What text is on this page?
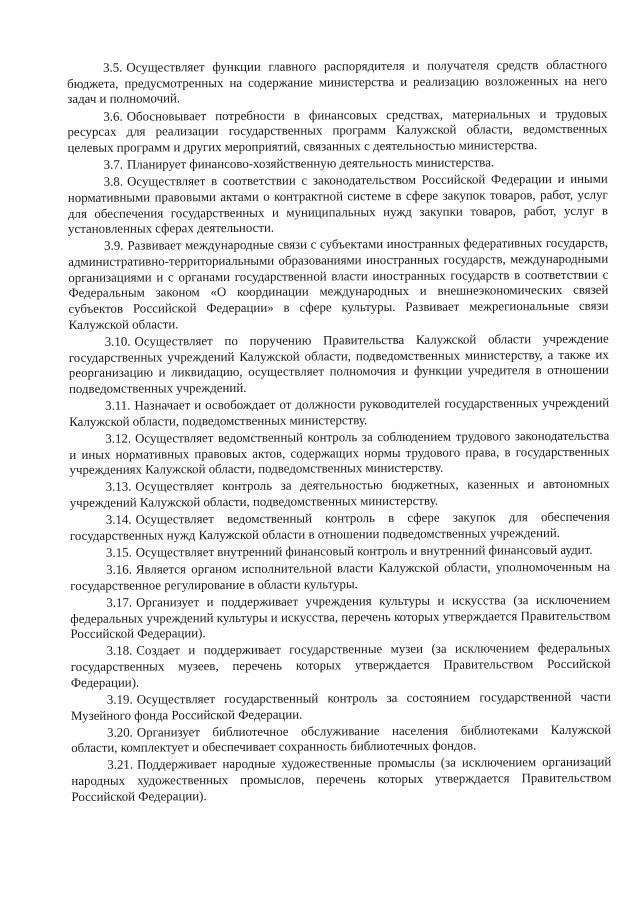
3.5. Осуществляет функции главного распорядителя и получателя средств областного бюджета, предусмотренных на содержание министерства и реализацию возложенных на него задач и полномочий.

3.6. Обосновывает потребности в финансовых средствах, материальных и трудовых ресурсах для реализации государственных программ Калужской области, ведомственных целевых программ и других мероприятий, связанных с деятельностью министерства.

3.7. Планирует финансово-хозяйственную деятельность министерства.

3.8. Осуществляет в соответствии с законодательством Российской Федерации и иными нормативными правовыми актами о контрактной системе в сфере закупок товаров, работ, услуг для обеспечения государственных и муниципальных нужд закупки товаров, работ, услуг в установленных сферах деятельности.

3.9. Развивает международные связи с субъектами иностранных федеративных государств, административно-территориальными образованиями иностранных государств, международными организациями и с органами государственной власти иностранных государств в соответствии с Федеральным законом «О координации международных и внешнеэкономических связей субъектов Российской Федерации» в сфере культуры. Развивает межрегиональные связи Калужской области.

3.10. Осуществляет по поручению Правительства Калужской области учреждение государственных учреждений Калужской области, подведомственных министерству, а также их реорганизацию и ликвидацию, осуществляет полномочия и функции учредителя в отношении подведомственных учреждений.

3.11. Назначает и освобождает от должности руководителей государственных учреждений Калужской области, подведомственных министерству.

3.12. Осуществляет ведомственный контроль за соблюдением трудового законодательства и иных нормативных правовых актов, содержащих нормы трудового права, в государственных учреждениях Калужской области, подведомственных министерству.

3.13. Осуществляет контроль за деятельностью бюджетных, казенных и автономных учреждений Калужской области, подведомственных министерству.

3.14. Осуществляет ведомственный контроль в сфере закупок для обеспечения государственных нужд Калужской области в отношении подведомственных учреждений.

3.15. Осуществляет внутренний финансовый контроль и внутренний финансовый аудит.

3.16. Является органом исполнительной власти Калужской области, уполномоченным на государственное регулирование в области культуры.

3.17. Организует и поддерживает учреждения культуры и искусства (за исключением федеральных учреждений культуры и искусства, перечень которых утверждается Правительством Российской Федерации).

3.18. Создает и поддерживает государственные музеи (за исключением федеральных государственных музеев, перечень которых утверждается Правительством Российской Федерации).

3.19. Осуществляет государственный контроль за состоянием государственной части Музейного фонда Российской Федерации.

3.20. Организует библиотечное обслуживание населения библиотеками Калужской области, комплектует и обеспечивает сохранность библиотечных фондов.

3.21. Поддерживает народные художественные промыслы (за исключением организаций народных художественных промыслов, перечень которых утверждается Правительством Российской Федерации).
